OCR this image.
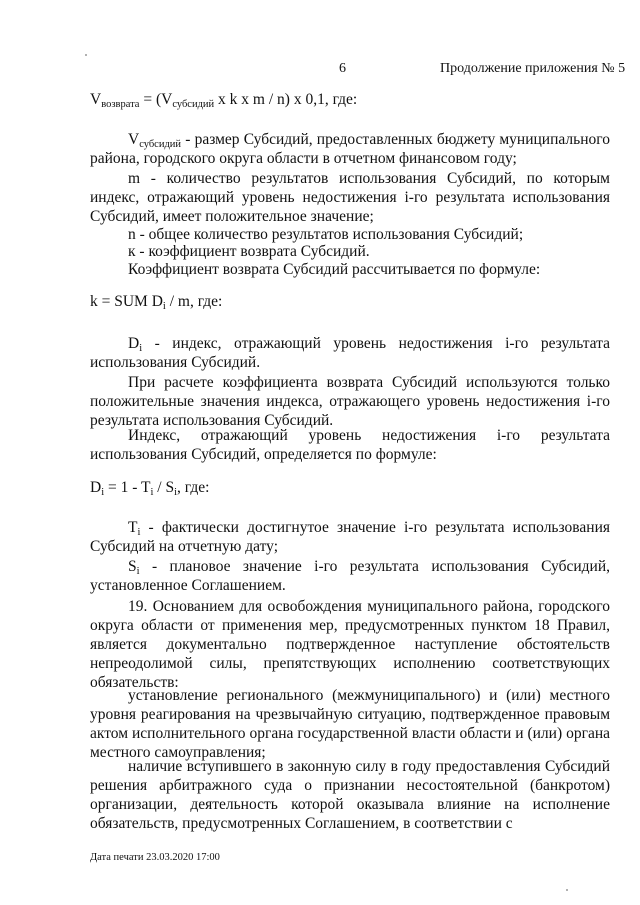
6	Продолжение приложения № 5
$V_{возврата} = (V_{субсидий}$ x k x m / n) x 0,1, где:
$V_{субсидий}$ - размер Субсидий, предоставленных бюджету муниципального района, городского округа области в отчетном финансовом году;
m - количество результатов использования Субсидий, по которым индекс, отражающий уровень недостижения i-го результата использования Субсидий, имеет положительное значение;
n - общее количество результатов использования Субсидий;
к - коэффициент возврата Субсидий.
Коэффициент возврата Субсидий рассчитывается по формуле:
k = SUM $D_i$ / m, где:
$D_i$ - индекс, отражающий уровень недостижения i-го результата использования Субсидий.
При расчете коэффициента возврата Субсидий используются только положительные значения индекса, отражающего уровень недостижения i-го результата использования Субсидий.
Индекс, отражающий уровень недостижения i-го результата использования Субсидий, определяется по формуле:
$D_i = 1 - T_i / S_i$, где:
$T_i$ - фактически достигнутое значение i-го результата использования Субсидий на отчетную дату;
$S_i$ - плановое значение i-го результата использования Субсидий, установленное Соглашением.
19. Основанием для освобождения муниципального района, городского округа области от применения мер, предусмотренных пунктом 18 Правил, является документально подтвержденное наступление обстоятельств непреодолимой силы, препятствующих исполнению соответствующих обязательств:
установление регионального (межмуниципального) и (или) местного уровня реагирования на чрезвычайную ситуацию, подтвержденное правовым актом исполнительного органа государственной власти области и (или) органа местного самоуправления;
наличие вступившего в законную силу в году предоставления Субсидий решения арбитражного суда о признании несостоятельной (банкротом) организации, деятельность которой оказывала влияние на исполнение обязательств, предусмотренных Соглашением, в соответствии с
Дата печати 23.03.2020 17:00
